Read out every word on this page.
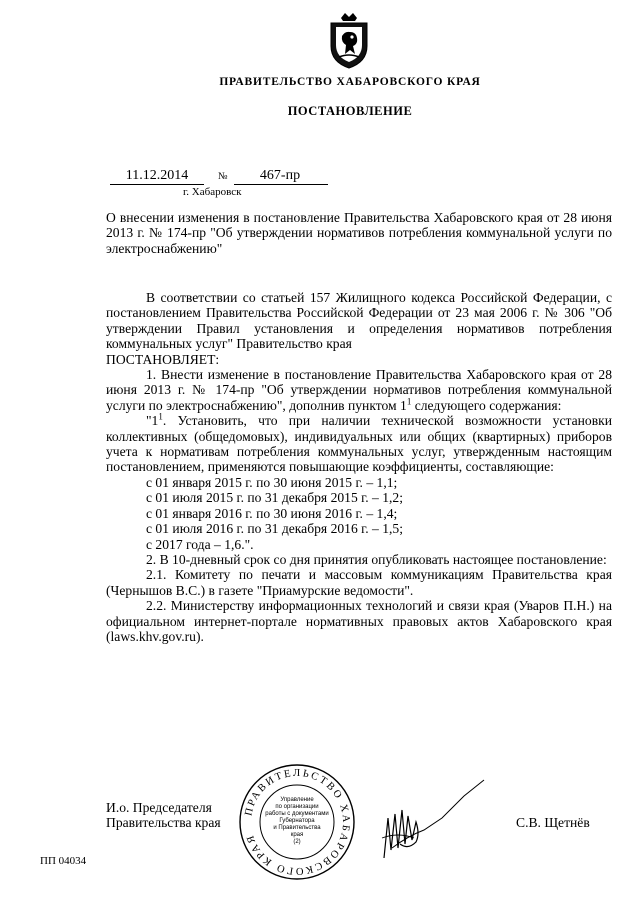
ПРАВИТЕЛЬСТВО ХАБАРОВСКОГО КРАЯ
ПОСТАНОВЛЕНИЕ
11.12.2014	№	467-пр
г. Хабаровск

О внесении изменения в постановление Правительства Хабаровского края от 28 июня 2013 г. № 174-пр "Об утверждении нормативов потребления коммунальной услуги по электроснабжению"

В соответствии со статьей 157 Жилищного кодекса Российской Федерации, с постановлением Правительства Российской Федерации от 23 мая 2006 г. № 306 "Об утверждении Правил установления и определения нормативов потребления коммунальных услуг" Правительство края

ПОСТАНОВЛЯЕТ:

1. Внести изменение в постановление Правительства Хабаровского края от 28 июня 2013 г. № 174-пр "Об утверждении нормативов потребления коммунальной услуги по электроснабжению", дополнив пунктом $1^1$ следующего содержания:

"$1^1$. Установить, что при наличии технической возможности установки коллективных (общедомовых), индивидуальных или общих (квартирных) приборов учета к нормативам потребления коммунальных услуг, утвержденным настоящим постановлением, применяются повышающие коэффициенты, составляющие:

с 01 января 2015 г. по 30 июня 2015 г. – 1,1;
с 01 июля 2015 г. по 31 декабря 2015 г. – 1,2;
с 01 января 2016 г. по 30 июня 2016 г. – 1,4;
с 01 июля 2016 г. по 31 декабря 2016 г. – 1,5;
с 2017 года – 1,6.".

2. В 10-дневный срок со дня принятия опубликовать настоящее постановление:

2.1. Комитету по печати и массовым коммуникациям Правительства края (Чернышов В.С.) в газете "Приамурские ведомости".

2.2. Министерству информационных технологий и связи края (Уваров П.Н.) на официальном интернет-портале нормативных правовых актов Хабаровского края (laws.khv.gov.ru).

И.о. Председателя
Правительства края
ПРАВИТЕЛЬСТВО ХАБАРОВСКОГО КРАЯ
Управление
по организации
работы с документами
Губернатора
и Правительства
края
(2)
С.В. Щетнёв
ПП 04034
